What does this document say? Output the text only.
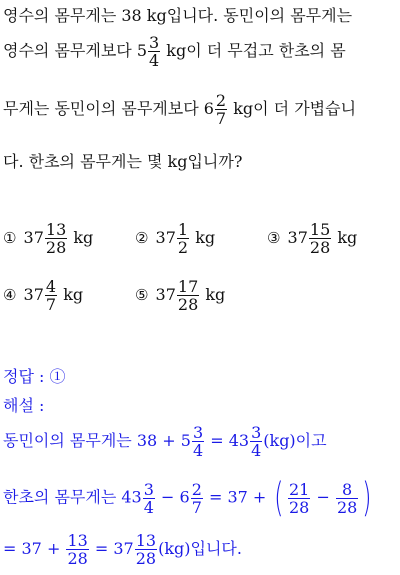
영수의 몸무게는 38 kg입니다. 동민이의 몸무게는
영수의 몸무게보다 $5 \frac{3}{4}$ kg이 더 무겁고 한초의 몸
무게는 동민이의 몸무게보다 $6 \frac{2}{7}$ kg이 더 가볍습니
다. 한초의 몸무게는 몇 kg입니까?
① $37 \frac{13}{28}$ kg	② $37 \frac{1}{2}$ kg	③ $37 \frac{15}{28}$ kg
④ $37 \frac{4}{7}$ kg	⑤ $37 \frac{17}{28}$ kg
정답 : ①
해설 :
동민이의 몸무게는 $38 + 5 \frac{3}{4} = 43 \frac{3}{4} (kg)$이고
한초의 몸무게는 $43 \frac{3}{4} - 6 \frac{2}{7} = 37$ + ( $\frac{21}{28} - \frac{8}{28}$ )
= $37 + \frac{13}{28} = 37 \frac{13}{28} (kg)$입니다.
